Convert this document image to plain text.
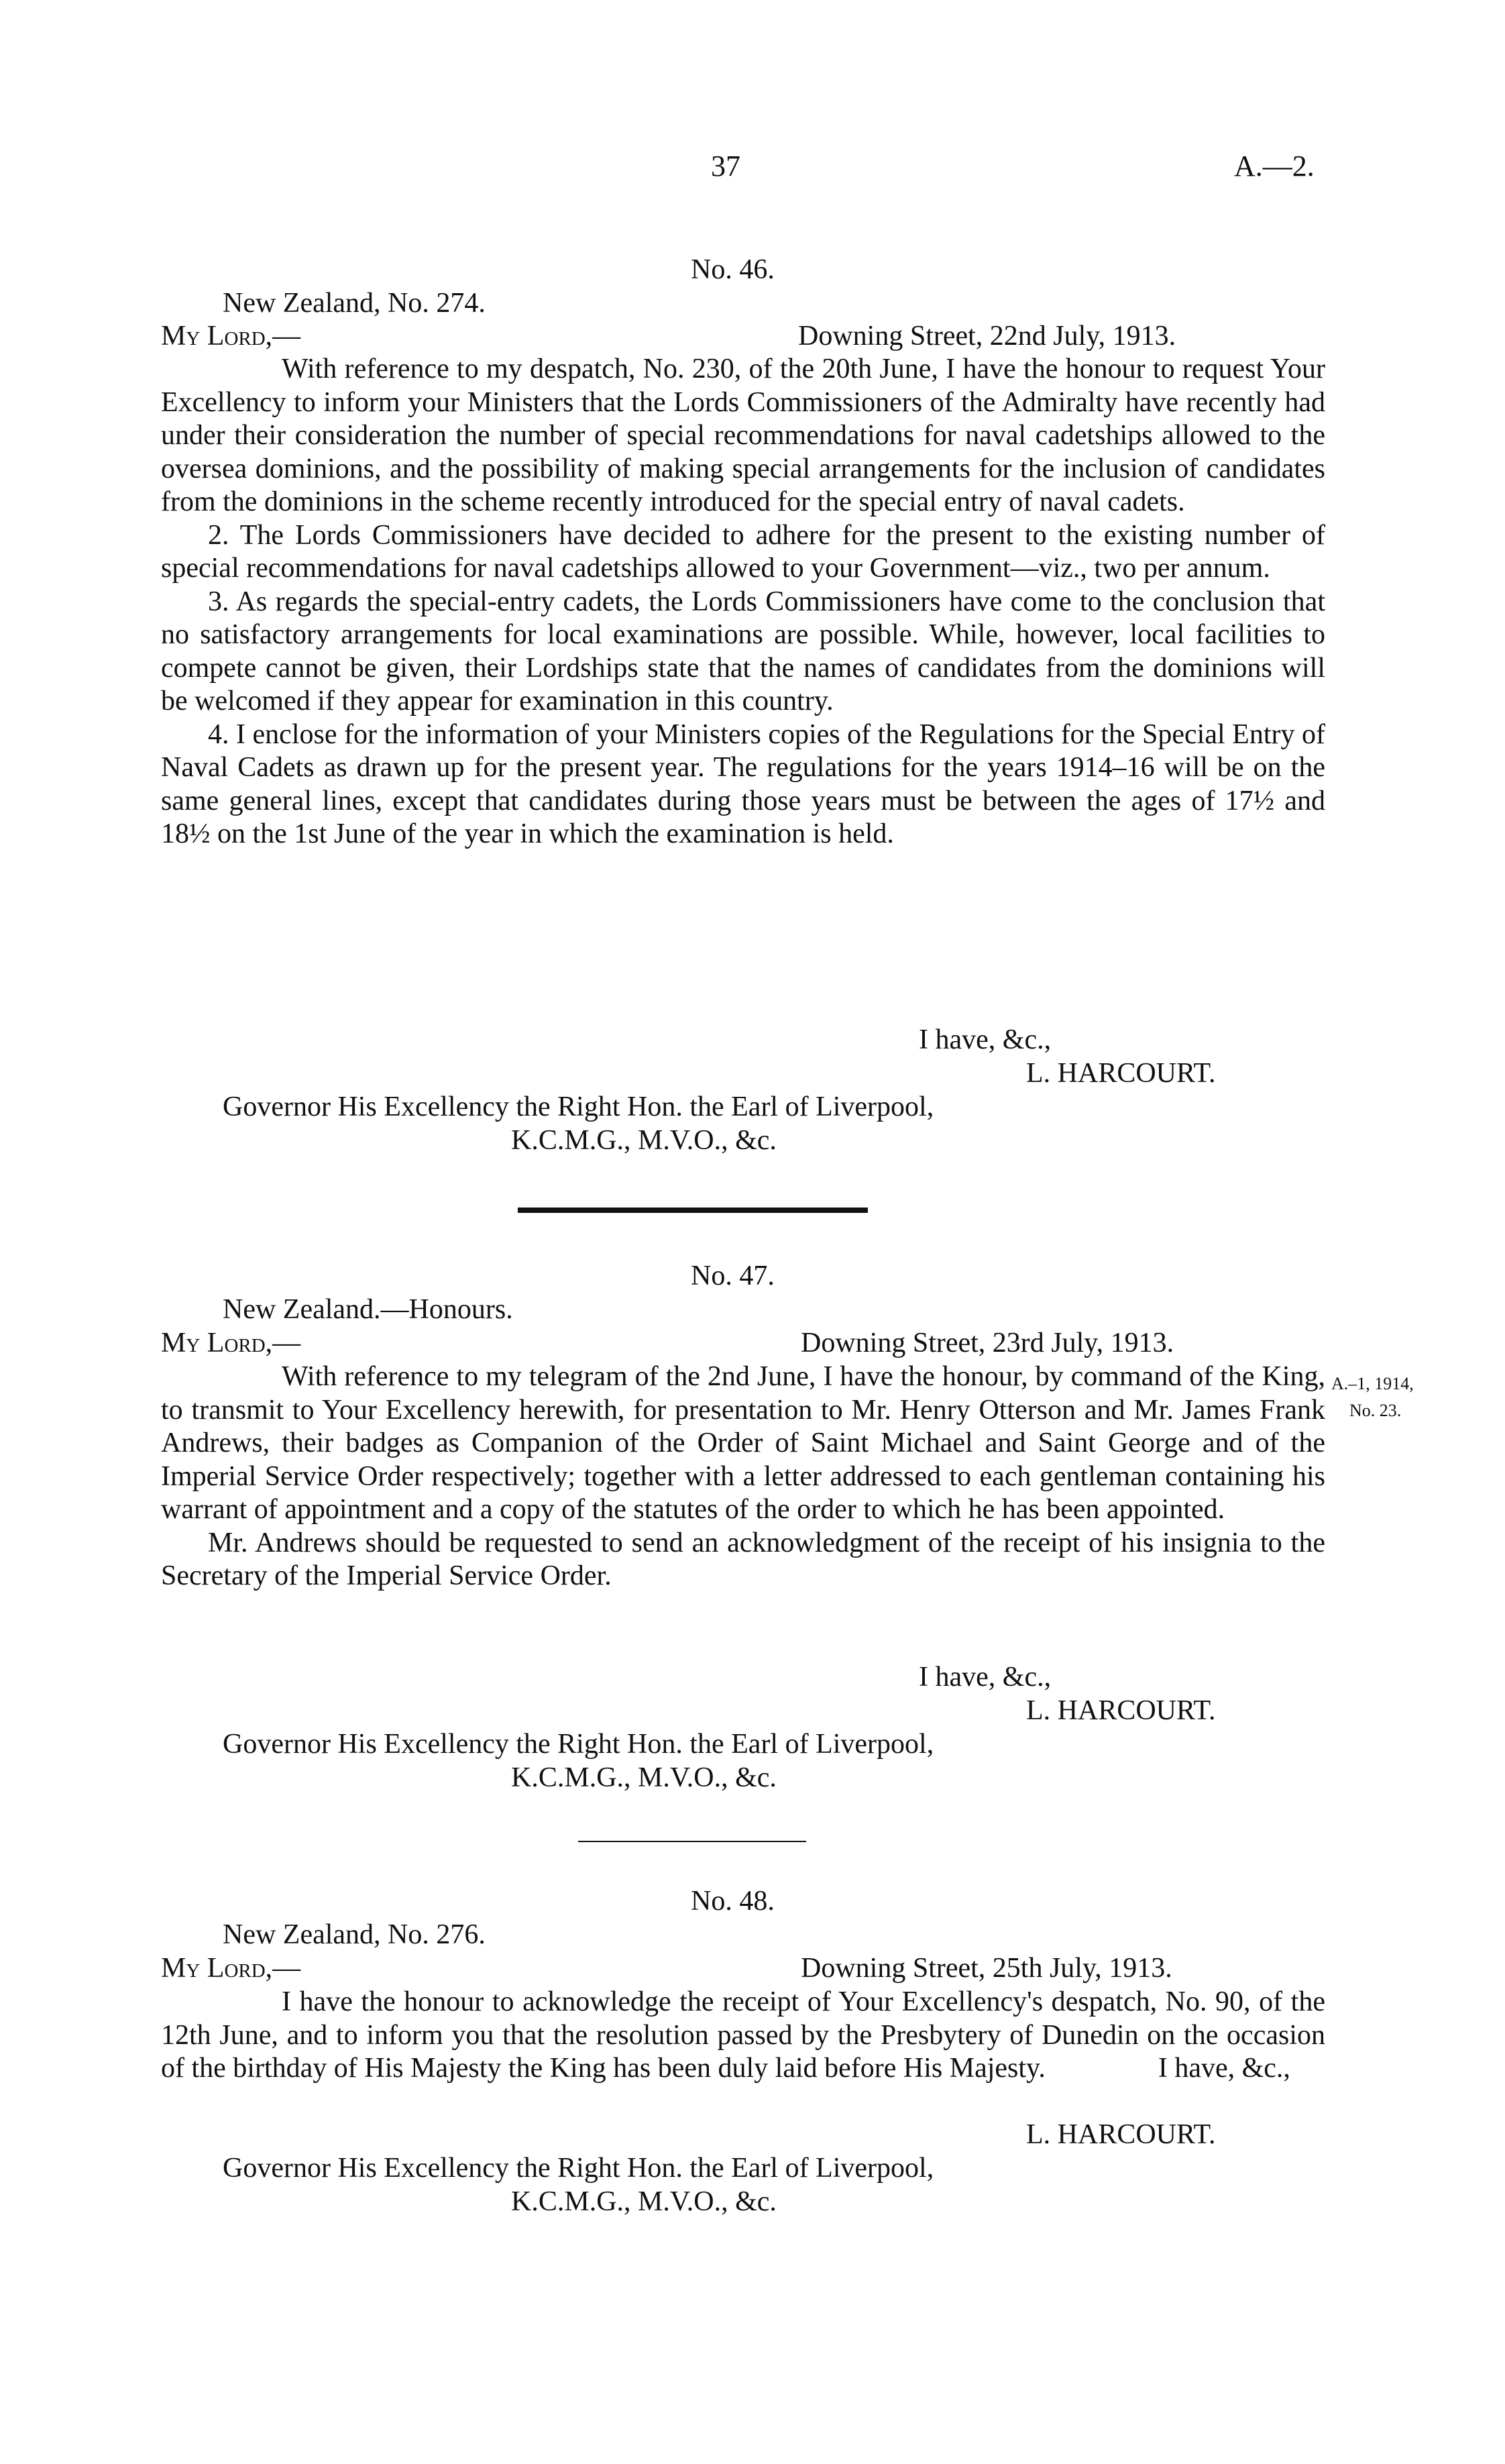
37	A.—2.
No. 46.
New Zealand, No. 274.
My Lord,—	Downing Street, 22nd July, 1913.

With reference to my despatch, No. 230, of the 20th June, I have the honour to request Your Excellency to inform your Ministers that the Lords Commissioners of the Admiralty have recently had under their consideration the number of special recommendations for naval cadetships allowed to the oversea dominions, and the possibility of making special arrangements for the inclusion of candidates from the dominions in the scheme recently introduced for the special entry of naval cadets.

2. The Lords Commissioners have decided to adhere for the present to the existing number of special recommendations for naval cadetships allowed to your Government—viz., two per annum.

3. As regards the special-entry cadets, the Lords Commissioners have come to the conclusion that no satisfactory arrangements for local examinations are possible. While, however, local facilities to compete cannot be given, their Lordships state that the names of candidates from the dominions will be welcomed if they appear for examination in this country.

4. I enclose for the information of your Ministers copies of the Regulations for the Special Entry of Naval Cadets as drawn up for the present year. The regulations for the years 1914–16 will be on the same general lines, except that candidates during those years must be between the ages of 17½ and 18½ on the 1st June of the year in which the examination is held.

I have, &c.,
L. HARCOURT.
Governor His Excellency the Right Hon. the Earl of Liverpool,
K.C.M.G., M.V.O., &c.
No. 47.
New Zealand.—Honours.
My Lord,—	Downing Street, 23rd July, 1913.

With reference to my telegram of the 2nd June, I have the honour, by command of the King, to transmit to Your Excellency herewith, for presentation to Mr. Henry Otterson and Mr. James Frank Andrews, their badges as Companion of the Order of Saint Michael and Saint George and of the Imperial Service Order respectively; together with a letter addressed to each gentleman containing his warrant of appointment and a copy of the statutes of the order to which he has been appointed.

Mr. Andrews should be requested to send an acknowledgment of the receipt of his insignia to the Secretary of the Imperial Service Order.

A.–1, 1914,
No. 23.
I have, &c.,
L. HARCOURT.
Governor His Excellency the Right Hon. the Earl of Liverpool,
K.C.M.G., M.V.O., &c.
No. 48.
New Zealand, No. 276.
My Lord,—	Downing Street, 25th July, 1913.

I have the honour to acknowledge the receipt of Your Excellency's despatch, No. 90, of the 12th June, and to inform you that the resolution passed by the Presbytery of Dunedin on the occasion of the birthday of His Majesty the King has been duly laid before His Majesty.    	I have, &c.,

L. HARCOURT.
Governor His Excellency the Right Hon. the Earl of Liverpool,
K.C.M.G., M.V.O., &c.
